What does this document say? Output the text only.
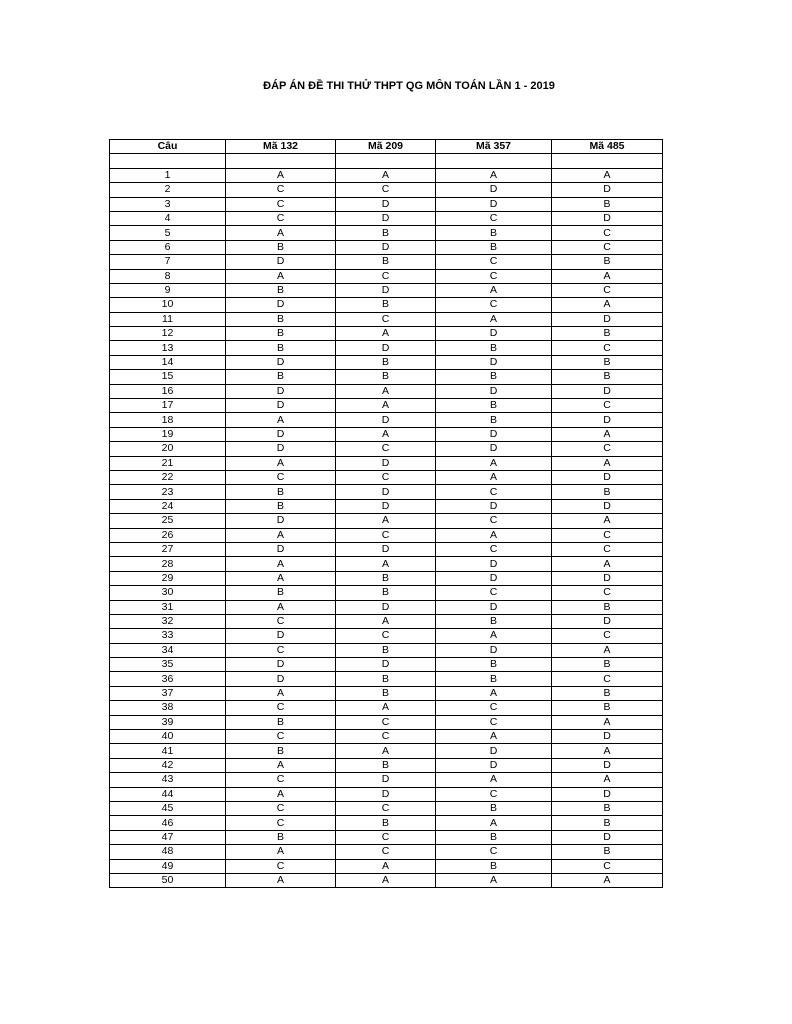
ĐÁP ÁN ĐỀ THI THỬ THPT QG MÔN TOÁN LẦN 1 - 2019
Câu	Mã 132	Mã 209	Mã 357	Mã 485

1	A	A	A	A
2	C	C	D	D
3	C	D	D	B
4	C	D	C	D
5	A	B	B	C
6	B	D	B	C
7	D	B	C	B
8	A	C	C	A
9	B	D	A	C
10	D	B	C	A
11	B	C	A	D
12	B	A	D	B
13	B	D	B	C
14	D	B	D	B
15	B	B	B	B
16	D	A	D	D
17	D	A	B	C
18	A	D	B	D
19	D	A	D	A
20	D	C	D	C
21	A	D	A	A
22	C	C	A	D
23	B	D	C	B
24	B	D	D	D
25	D	A	C	A
26	A	C	A	C
27	D	D	C	C
28	A	A	D	A
29	A	B	D	D
30	B	B	C	C
31	A	D	D	B
32	C	A	B	D
33	D	C	A	C
34	C	B	D	A
35	D	D	B	B
36	D	B	B	C
37	A	B	A	B
38	C	A	C	B
39	B	C	C	A
40	C	C	A	D
41	B	A	D	A
42	A	B	D	D
43	C	D	A	A
44	A	D	C	D
45	C	C	B	B
46	C	B	A	B
47	B	C	B	D
48	A	C	C	B
49	C	A	B	C
50	A	A	A	A
